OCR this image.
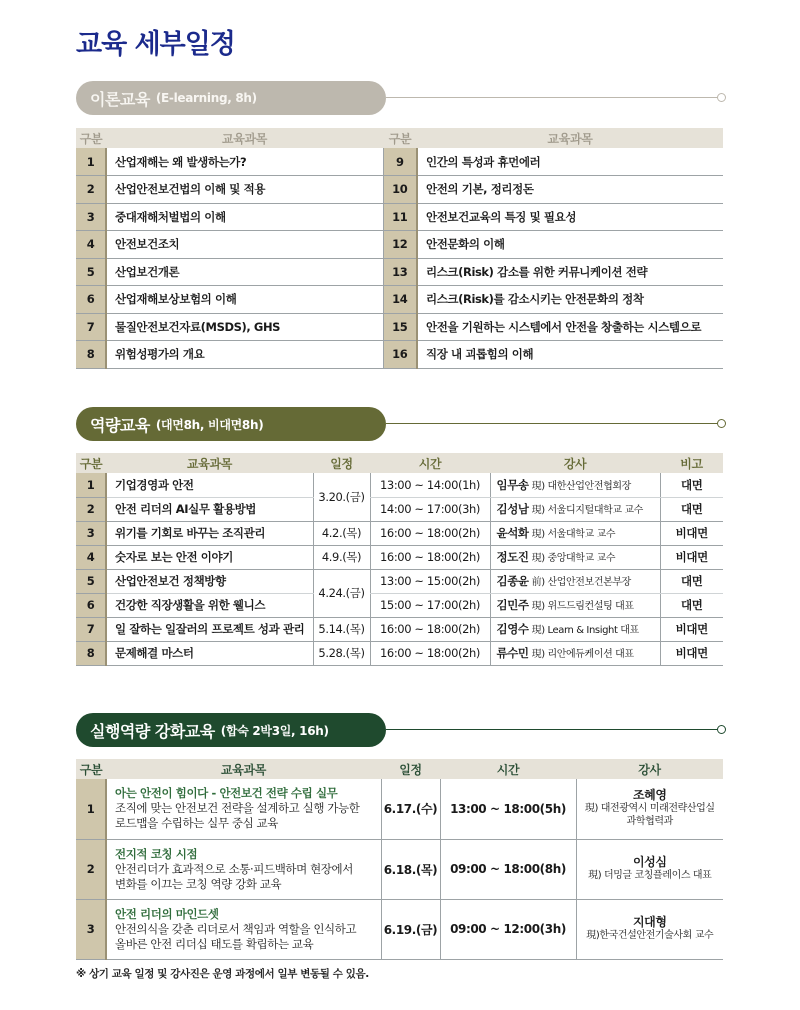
교육 세부일정
이론교육 (E-learning, 8h)
구분	교육과목	구분	교육과목
1	산업재해는 왜 발생하는가?	9	인간의 특성과 휴먼에러
2	산업안전보건법의 이해 및 적용	10	안전의 기본, 정리정돈
3	중대재해처벌법의 이해	11	안전보건교육의 특징 및 필요성
4	안전보건조치	12	안전문화의 이해
5	산업보건개론	13	리스크(Risk) 감소를 위한 커뮤니케이션 전략
6	산업재해보상보험의 이해	14	리스크(Risk)를 감소시키는 안전문화의 정착
7	물질안전보건자료(MSDS), GHS	15	안전을 기원하는 시스템에서 안전을 창출하는 시스템으로
8	위험성평가의 개요	16	직장 내 괴롭힘의 이해
역량교육 (대면8h, 비대면8h)
구분	교육과목	일정	시간	강사	비고
1	기업경영과 안전	3.20.(금)	13:00 ~ 14:00(1h)	임무송 現) 대한산업안전협회장	대면
2	안전 리더의 AI실무 활용방법		14:00 ~ 17:00(3h)	김성남 現) 서울디지털대학교 교수	대면
3	위기를 기회로 바꾸는 조직관리	4.2.(목)	16:00 ~ 18:00(2h)	윤석화 現) 서울대학교 교수	비대면
4	숫자로 보는 안전 이야기	4.9.(목)	16:00 ~ 18:00(2h)	정도진 現) 중앙대학교 교수	비대면
5	산업안전보건 정책방향	4.24.(금)	13:00 ~ 15:00(2h)	김종윤 前) 산업안전보건본부장	대면
6	건강한 직장생활을 위한 웰니스		15:00 ~ 17:00(2h)	김민주 現) 위드드림컨설팅 대표	대면
7	일 잘하는 일잘러의 프로젝트 성과 관리	5.14.(목)	16:00 ~ 18:00(2h)	김영수 現) Learn & Insight 대표	비대면
8	문제해결 마스터	5.28.(목)	16:00 ~ 18:00(2h)	류수민 現) 리안에듀케이션 대표	비대면
실행역량 강화교육 (합숙 2박3일, 16h)
구분	교육과목	일정	시간	강사
1	아는 안전이 힘이다 - 안전보건 전략 수립 실무
조직에 맞는 안전보건 전략을 설계하고 실행 가능한
로드맵을 수립하는 실무 중심 교육	6.17.(수)	13:00 ~ 18:00(5h)	조혜영
現) 대전광역시 미래전략산업실
과학협력과

2	전지적 코칭 시점
안전리더가 효과적으로 소통·피드백하며 현장에서
변화를 이끄는 코칭 역량 강화 교육	6.18.(목)	09:00 ~ 18:00(8h)	이성심
現) 더밍글 코칭플레이스 대표

3	안전 리더의 마인드셋
안전의식을 갖춘 리더로서 책임과 역할을 인식하고
올바른 안전 리더십 태도를 확립하는 교육	6.19.(금)	09:00 ~ 12:00(3h)	지대형
現)한국건설안전기술사회 교수
※ 상기 교육 일정 및 강사진은 운영 과정에서 일부 변동될 수 있음.
